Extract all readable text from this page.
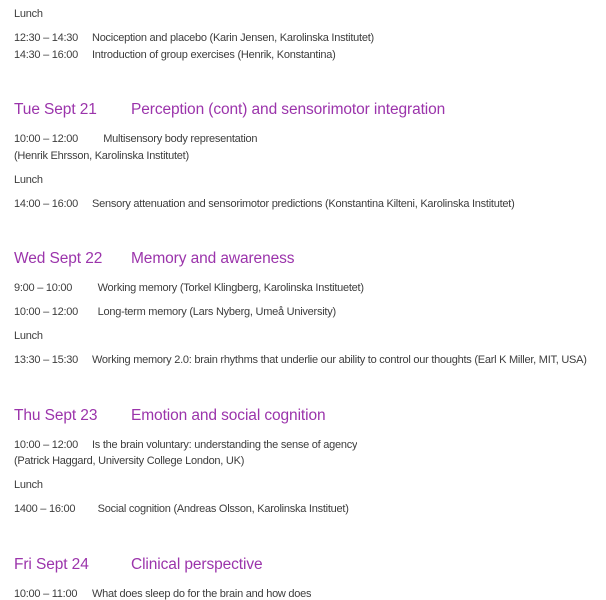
Lunch
12:30 – 14:30	Nociception and placebo (Karin Jensen, Karolinska Institutet)
14:30 – 16:00	Introduction of group exercises (Henrik, Konstantina)
Tue Sept 21 Perception (cont) and sensorimotor integration
10:00 – 12:00	Multisensory body representation
(Henrik Ehrsson, Karolinska Institutet)
Lunch
14:00 – 16:00	Sensory attenuation and sensorimotor predictions (Konstantina Kilteni, Karolinska Institutet)
Wed Sept 22 Memory and awareness
9:00 – 10:00	Working memory (Torkel Klingberg, Karolinska Instituetet)
10:00 – 12:00	Long-term memory (Lars Nyberg, Umeå University)
Lunch
13:30 – 15:30	Working memory 2.0: brain rhythms that underlie our ability to control our thoughts (Earl K Miller, MIT, USA)
Thu Sept 23 Emotion and social cognition
10:00 – 12:00	Is the brain voluntary: understanding the sense of agency
(Patrick Haggard, University College London, UK)
Lunch
1400 – 16:00	Social cognition (Andreas Olsson, Karolinska Instituet)
Fri Sept 24	Clinical perspective
10:00 – 11:00	What does sleep do for the brain and how does
